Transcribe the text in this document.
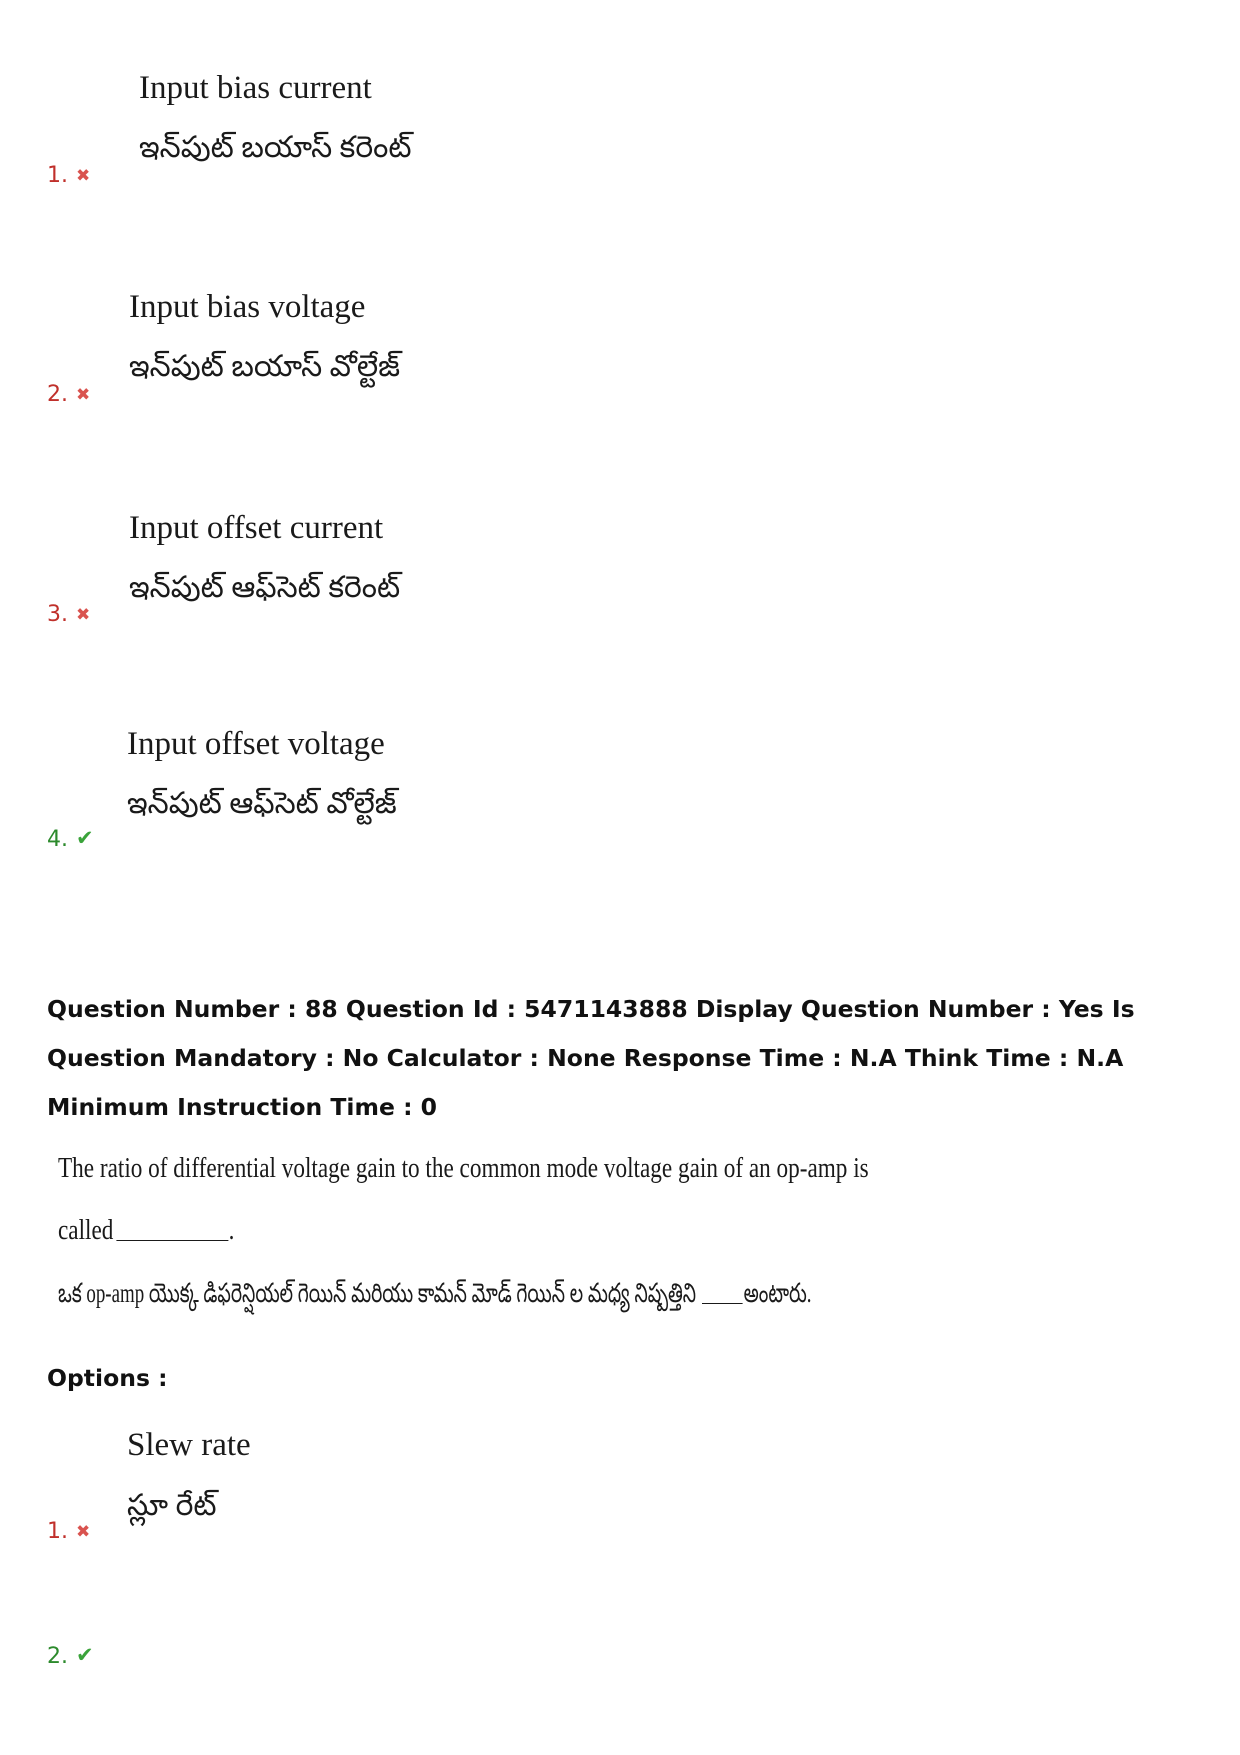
Input bias current
ఇన్‌పుట్ బయాస్ కరెంట్
1. ✖
Input bias voltage
ఇన్‌పుట్ బయాస్ వోల్టేజ్
2. ✖
Input offset current
ఇన్‌పుట్ ఆఫ్‌సెట్ కరెంట్
3. ✖
Input offset voltage
ఇన్‌పుట్ ఆఫ్‌సెట్ వోల్టేజ్
4. ✔
Question Number : 88 Question Id : 5471143888 Display Question Number : Yes Is Question Mandatory : No Calculator : None Response Time : N.A Think Time : N.A Minimum Instruction Time : 0
The ratio of differential voltage gain to the common mode voltage gain of an op-amp is
called	.
ఒక op-amp యొక్క డిఫరెన్షియల్ గెయిన్ మరియు కామన్ మోడ్ గెయిన్ ల మధ్య నిష్పత్తిని అంటారు.
Options :
Slew rate
స్లూ రేట్
1. ✖
2. ✔
